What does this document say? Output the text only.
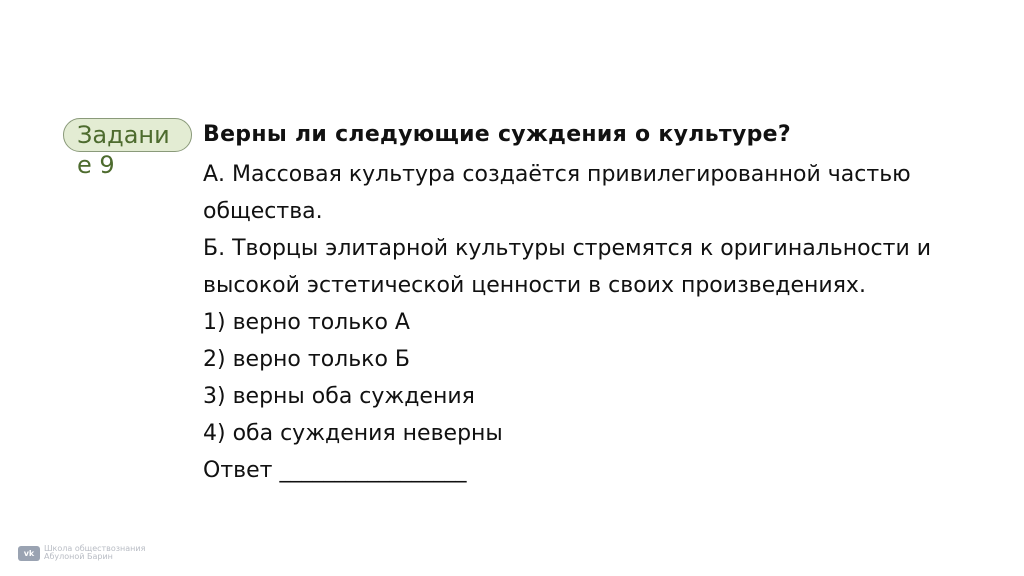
Задание 9
Верны ли следующие суждения о культуре?
А. Массовая культура создаётся привилегированной частью
общества.
Б. Творцы элитарной культуры стремятся к оригинальности и
высокой эстетической ценности в своих произведениях.
1) верно только А
2) верно только Б
3) верны оба суждения
4) оба суждения неверны
Ответ _________________
vk	Школа обществознания
Абулоной Барин
